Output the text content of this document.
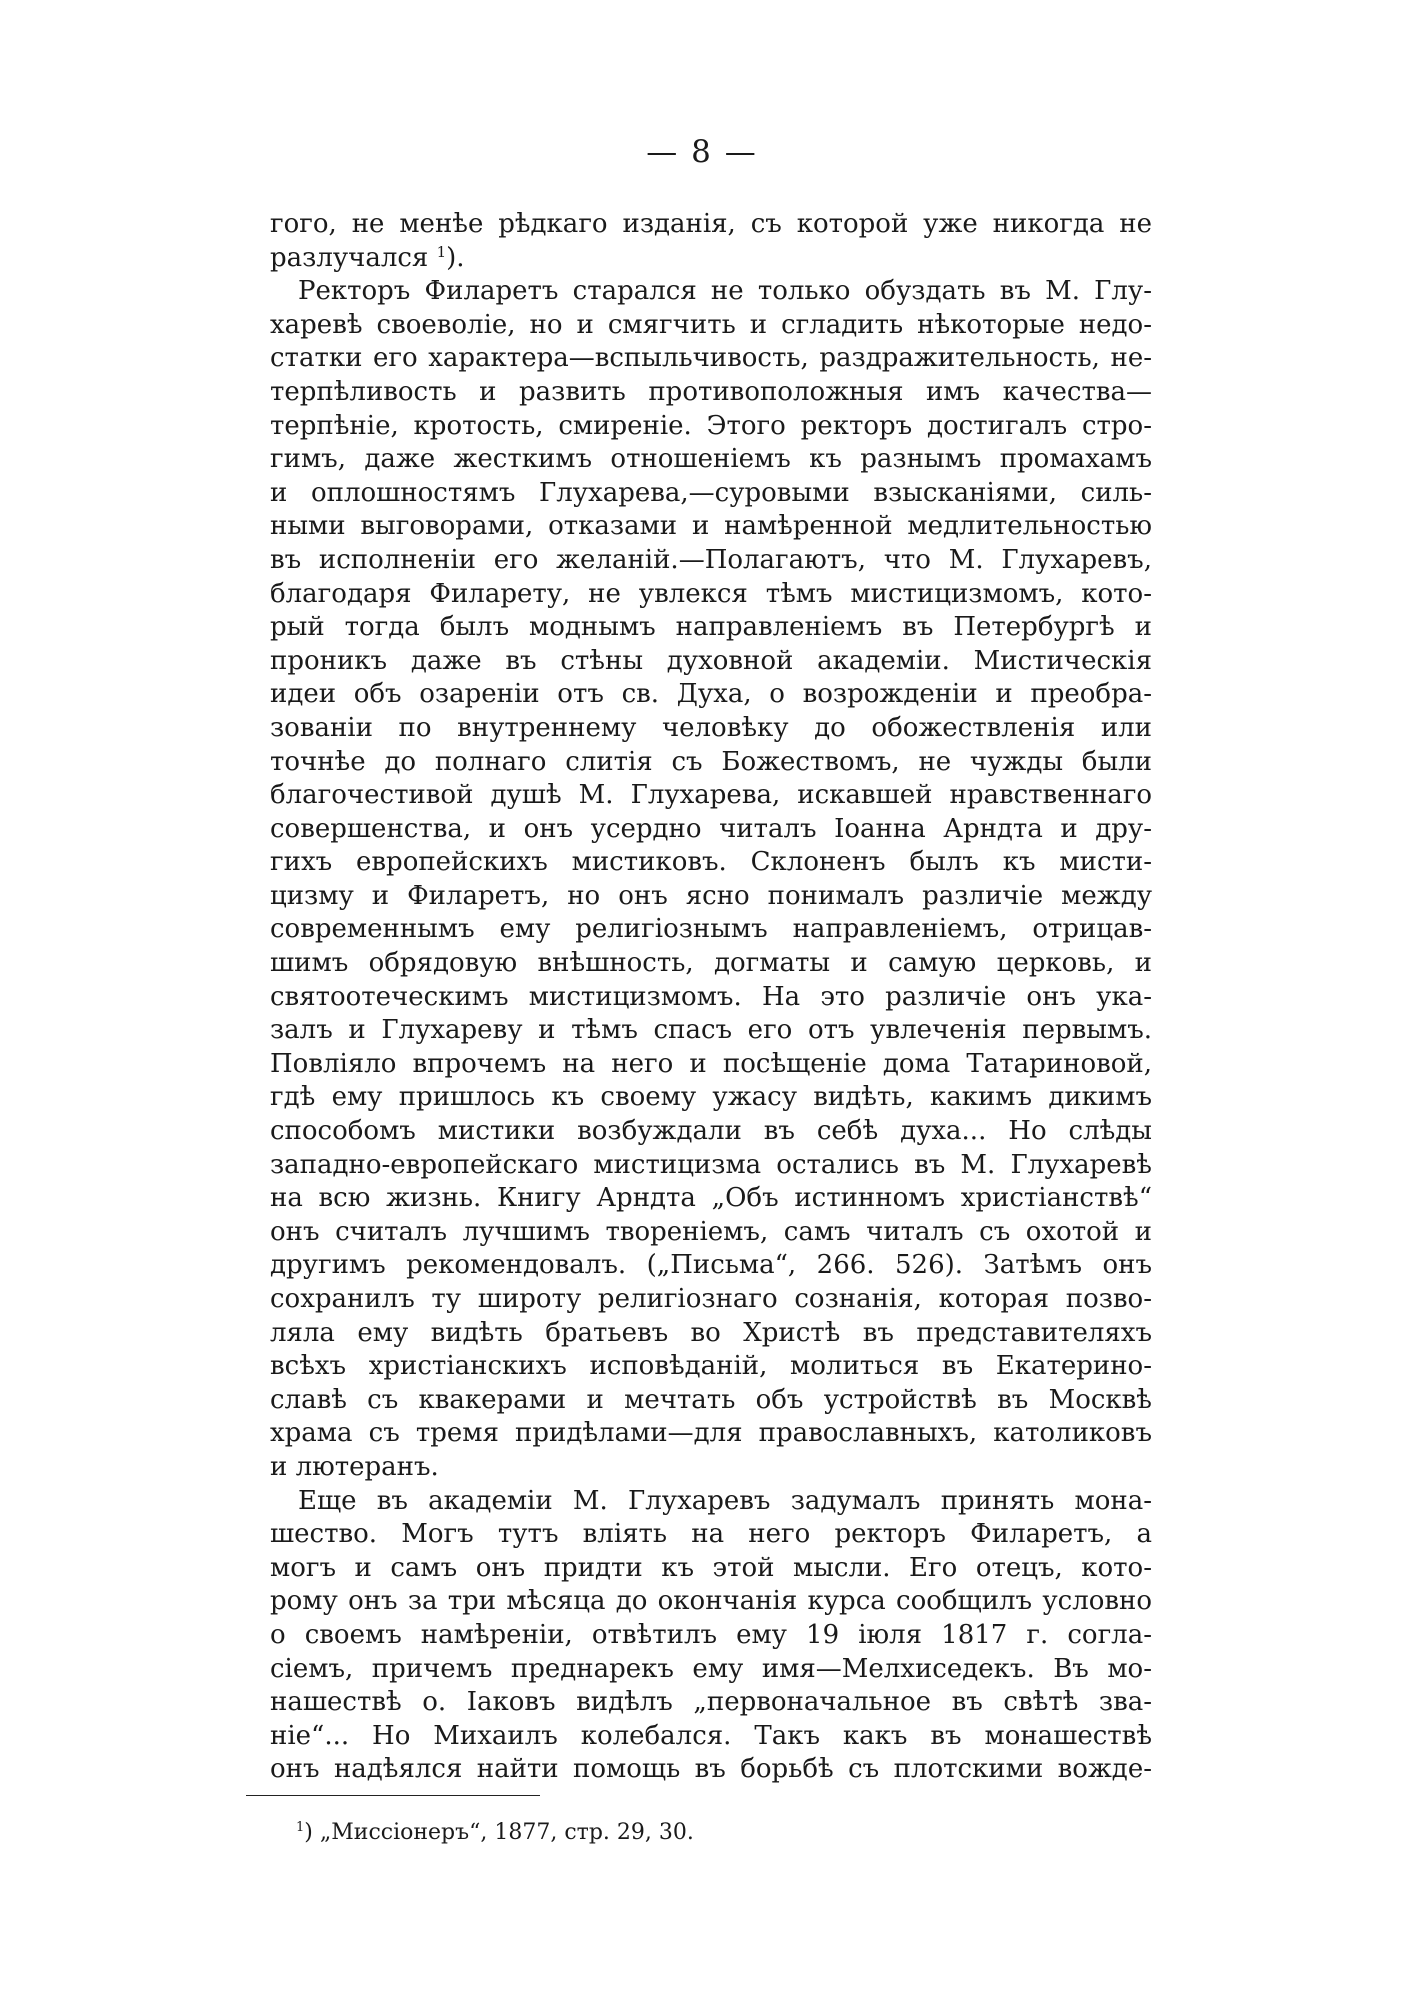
— 8 —
гого, не менѣе рѣдкаго изданія, съ которой уже никогда не
разлучался $^1$).
Ректоръ Филаретъ старался не только обуздать въ М. Глу-
харевѣ своеволіе, но и смягчить и сгладить нѣкоторые недо-
статки его характера—вспыльчивость, раздражительность, не-
терпѣливость и развить противоположныя имъ качества—
терпѣніе, кротость, смиреніе. Этого ректоръ достигалъ стро-
гимъ, даже жесткимъ отношеніемъ къ разнымъ промахамъ
и оплошностямъ Глухарева,—суровыми взысканіями, силь-
ными выговорами, отказами и намѣренной медлительностью
въ исполненіи его желаній.—Полагаютъ, что М. Глухаревъ,
благодаря Филарету, не увлекся тѣмъ мистицизмомъ, кото-
рый тогда былъ моднымъ направленіемъ въ Петербургѣ и
проникъ даже въ стѣны духовной академіи. Мистическія
идеи объ озареніи отъ св. Духа, о возрожденіи и преобра-
зованіи по внутреннему человѣку до обожествленія или
точнѣе до полнаго слитія съ Божествомъ, не чужды были
благочестивой душѣ М. Глухарева, искавшей нравственнаго
совершенства, и онъ усердно читалъ Іоанна Арндта и дру-
гихъ европейскихъ мистиковъ. Склоненъ былъ къ мисти-
цизму и Филаретъ, но онъ ясно понималъ различіе между
современнымъ ему религіознымъ направленіемъ, отрицав-
шимъ обрядовую внѣшность, догматы и самую церковь, и
святоотеческимъ мистицизмомъ. На это различіе онъ ука-
залъ и Глухареву и тѣмъ спасъ его отъ увлеченія первымъ.
Повліяло впрочемъ на него и посѣщеніе дома Татариновой,
гдѣ ему пришлось къ своему ужасу видѣть, какимъ дикимъ
способомъ мистики возбуждали въ себѣ духа... Но слѣды
западно-европейскаго мистицизма остались въ М. Глухаревѣ
на всю жизнь. Книгу Арндта „Объ истинномъ христіанствѣ“
онъ считалъ лучшимъ твореніемъ, самъ читалъ съ охотой и
другимъ рекомендовалъ. („Письма“, 266. 526). Затѣмъ онъ
сохранилъ ту широту религіознаго сознанія, которая позво-
ляла ему видѣть братьевъ во Христѣ въ представителяхъ
всѣхъ христіанскихъ исповѣданій, молиться въ Екатерино-
славѣ съ квакерами и мечтать объ устройствѣ въ Москвѣ
храма съ тремя придѣлами—для православныхъ, католиковъ
и лютеранъ.
Еще въ академіи М. Глухаревъ задумалъ принять мона-
шество. Могъ тутъ вліять на него ректоръ Филаретъ, а
могъ и самъ онъ придти къ этой мысли. Его отецъ, кото-
рому онъ за три мѣсяца до окончанія курса сообщилъ условно
о своемъ намѣреніи, отвѣтилъ ему 19 іюля 1817 г. согла-
сіемъ, причемъ преднарекъ ему имя—Мелхиседекъ. Въ мо-
нашествѣ о. Іаковъ видѣлъ „первоначальное въ свѣтѣ зва-
ніе“... Но Михаилъ колебался. Такъ какъ въ монашествѣ
онъ надѣялся найти помощь въ борьбѣ съ плотскими вожде-
$^1$) „Миссіонеръ“, 1877, стр. 29, 30.
